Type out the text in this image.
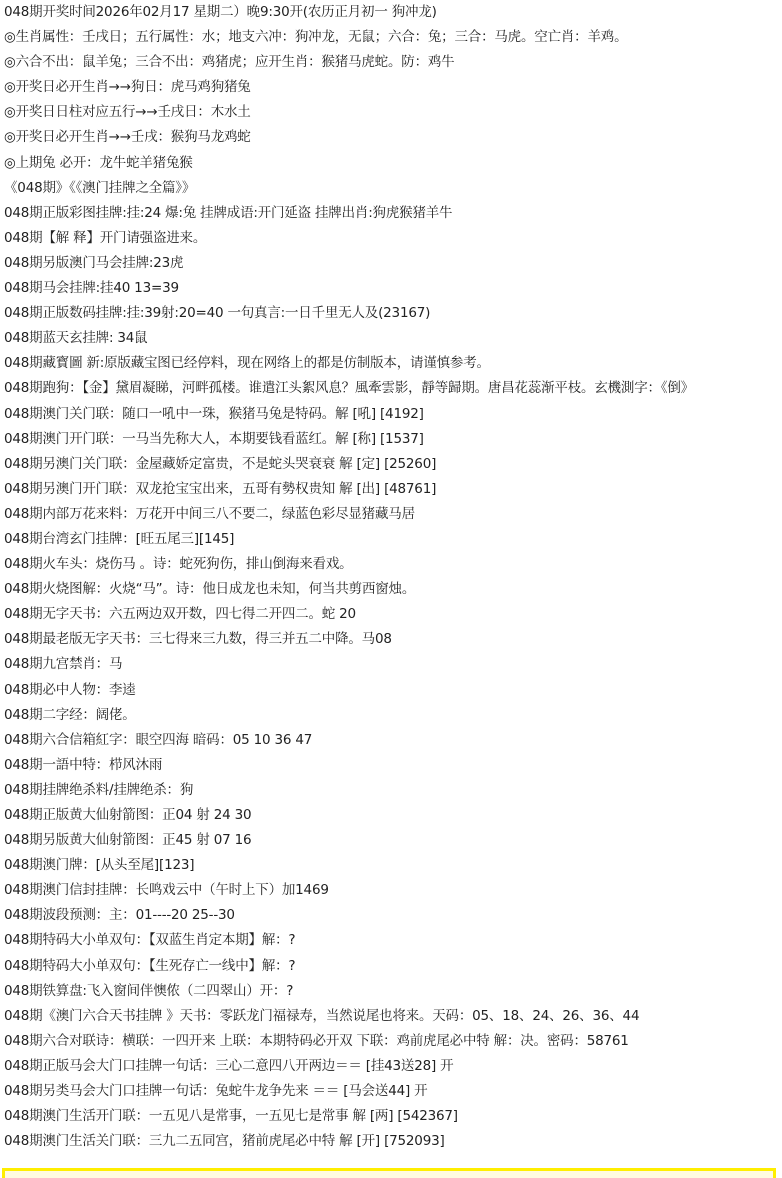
048期开奖时间2026年02月17 星期二）晚9:30开(农历正月初一 狗冲龙)
◎生肖属性：壬戌日；五行属性：水；地支六冲：狗冲龙，无鼠；六合：兔；三合：马虎。空亡肖：羊鸡。
◎六合不出：鼠羊兔；三合不出：鸡猪虎；应开生肖：猴猪马虎蛇。防：鸡牛
◎开奖日必开生肖→→狗日：虎马鸡狗猪兔
◎开奖日日柱对应五行→→壬戌日：木水土
◎开奖日必开生肖→→壬戌：猴狗马龙鸡蛇
◎上期兔 必开：龙牛蛇羊猪兔猴
《048期》《《澳门挂牌之全篇》》
048期正版彩图挂牌:挂:24 爆:兔 挂牌成语:开门延盗 挂牌出肖:狗虎猴猪羊牛
048期【解 释】开门请强盗进来。
048期另版澳门马会挂牌:23虎
048期马会挂牌:挂40 13=39
048期正版数码挂牌:挂:39射:20=40 一句真言:一日千里无人及(23167)
048期蓝天玄挂牌: 34鼠
048期藏寳圖 新:原版藏宝图已经停料，现在网络上的都是仿制版本，请谨慎参考。
048期跑狗：【金】黛眉凝睇，河畔孤楼。谁遣江头絮风息？風牽雲影，靜等歸期。唐昌花蕊渐平枝。玄機測字：《倒》
048期澳门关门联：随口一吼中一珠，猴猪马兔是特码。解 [吼] [4192]
048期澳门开门联：一马当先称大人，本期要钱看蓝红。解 [称] [1537]
048期另澳门关门联：金屋藏娇定富贵，不是蛇头哭衰衰 解 [定] [25260]
048期另澳门开门联：双龙抢宝宝出来，五哥有勢权贵知 解 [出] [48761]
048期内部万花来料：万花开中间三八不要二，绿蓝色彩尽显猪藏马居
048期台湾玄门挂牌：[旺五尾三][145]
048期火车头：烧伤马 。诗：蛇死狗伤，排山倒海来看戏。
048期火烧图解：火烧“马”。诗：他日成龙也未知，何当共剪西窗烛。
048期无字天书：六五两边双开数，四七得二开四二。蛇 20
048期最老版无字天书：三七得来三九数，得三并五二中降。马08
048期九宫禁肖：马
048期必中人物：李逵
048期二字经：阔佬。
048期六合信箱紅字：眼空四海 暗码：05 10 36 47
048期一語中特：栉风沐雨
048期挂牌绝杀料/挂牌绝杀：狗
048期正版黄大仙射箭图：正04 射 24 30
048期另版黄大仙射箭图：正45 射 07 16
048期澳门牌：[从头至尾][123]
048期澳门信封挂牌：长鸣戏云中（午时上下）加1469
048期波段预测：主：01----20 25--30
048期特码大小单双句：【双蓝生肖定本期】解：?
048期特码大小单双句：【生死存亡一线中】解：?
048期铁算盘:飞入窗间伴懊侬（二四翠山）开：?
048期《澳门六合天书挂牌 》天书：零跃龙门福禄寿，当然说尾也将来。天码：05、18、24、26、36、44
048期六合对联诗：横联：一四开来 上联：本期特码必开双 下联：鸡前虎尾必中特 解：决。密码：58761
048期正版马会大门口挂牌一句话：三心二意四八开两边＝＝ [挂43送28] 开
048期另类马会大门口挂牌一句话：兔蛇牛龙争先来 ＝＝ [马会送44] 开
048期澳门生活开门联：一五见八是常事，一五见七是常事 解 [两] [542367]
048期澳门生活关门联：三九二五同宫，猪前虎尾必中特 解 [开] [752093]
